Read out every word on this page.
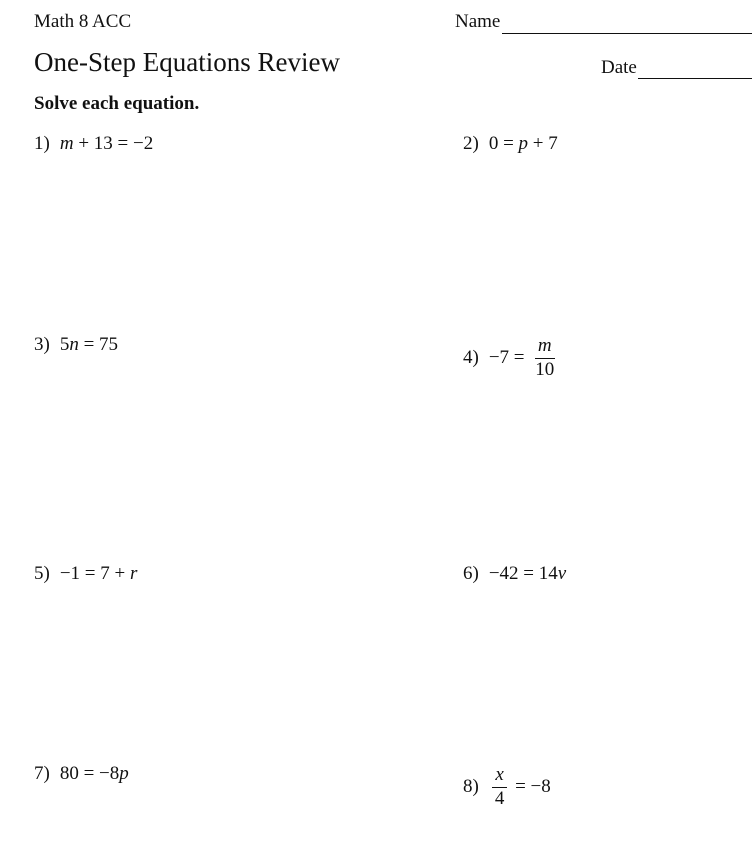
Math 8 ACC	Name
One-Step Equations Review	Date
Solve each equation.
1) m + 13 = −2	2) 0 = p + 7
3) 5 n = 75
$4) -7 = \frac{m}{10}$
5) −1 = 7 + r	6) −42 = 14 v
7) 80 = −8 p
$8) \frac{x}{4} = -8$
